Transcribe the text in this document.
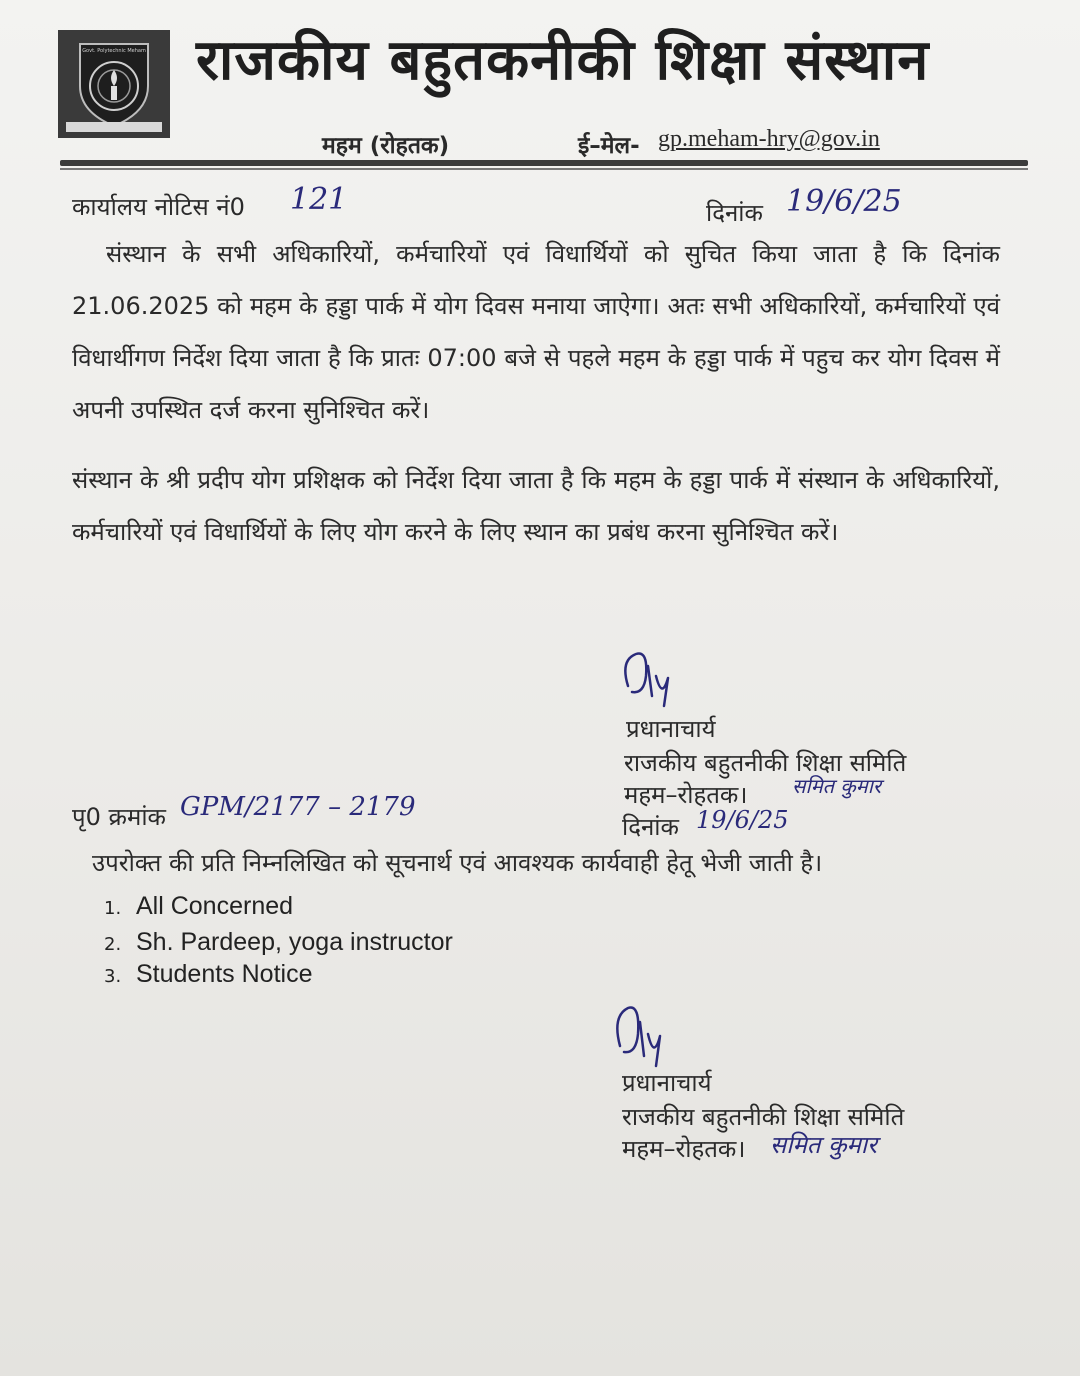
Govt. Polytechnic Meham राजकीय बहुतकनीकी शिक्षा संस्थान
महम (रोहतक)	ई–मेल- gp.meham-hry@gov.in
कार्यालय नोटिस नं0 121	दिनांक 19/6/25
संस्थान के सभी अधिकारियों, कर्मचारियों एवं विधार्थियों को सुचित किया जाता है कि दिनांक 21.06.2025 को महम के हड्डा पार्क में योग दिवस मनाया जाऐगा। अतः सभी अधिकारियों, कर्मचारियों एवं विधार्थीगण निर्देश दिया जाता है कि प्रातः 07:00 बजे से पहले महम के हड्डा पार्क में पहुच कर योग दिवस में अपनी उपस्थित दर्ज करना सुनिश्चित करें।
संस्थान के श्री प्रदीप योग प्रशिक्षक को निर्देश दिया जाता है कि महम के हड्डा पार्क में संस्थान के अधिकारियों, कर्मचारियों एवं विधार्थियों के लिए योग करने के लिए स्थान का प्रबंध करना सुनिश्चित करें।
प्रधानाचार्य
राजकीय बहुतनीकी शिक्षा समिति
महम–रोहतक। समित कुमार
दिनांक 19/6/25
पृ0 क्रमांक GPM/2177 – 2179
उपरोक्त की प्रति निम्नलिखित को सूचनार्थ एवं आवश्यक कार्यवाही हेतू भेजी जाती है।
1. All Concerned
2. Sh. Pardeep, yoga instructor
3. Students Notice
प्रधानाचार्य
राजकीय बहुतनीकी शिक्षा समिति
महम–रोहतक। समित कुमार
